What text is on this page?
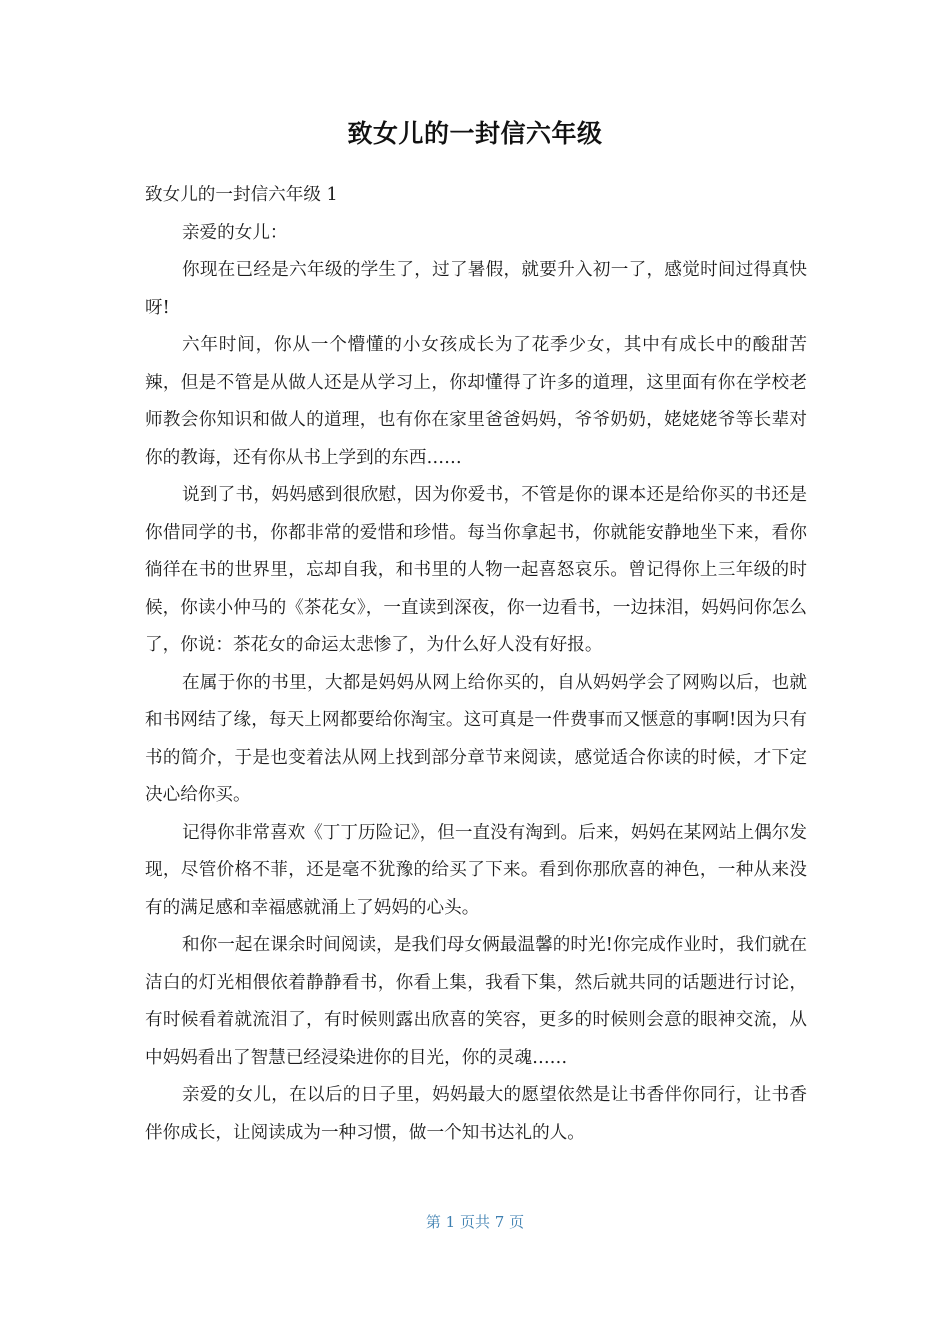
致女儿的一封信六年级

致女儿的一封信六年级 1

亲爱的女儿：

你现在已经是六年级的学生了，过了暑假，就要升入初一了，感觉时间过得真快呀!

六年时间，你从一个懵懂的小女孩成长为了花季少女，其中有成长中的酸甜苦辣，但是不管是从做人还是从学习上，你却懂得了许多的道理，这里面有你在学校老师教会你知识和做人的道理，也有你在家里爸爸妈妈，爷爷奶奶，姥姥姥爷等长辈对你的教诲，还有你从书上学到的东西……

说到了书，妈妈感到很欣慰，因为你爱书，不管是你的课本还是给你买的书还是你借同学的书，你都非常的爱惜和珍惜。每当你拿起书，你就能安静地坐下来，看你徜徉在书的世界里，忘却自我，和书里的人物一起喜怒哀乐。曾记得你上三年级的时候，你读小仲马的《茶花女》，一直读到深夜，你一边看书，一边抹泪，妈妈问你怎么了，你说：茶花女的命运太悲惨了，为什么好人没有好报。

在属于你的书里，大都是妈妈从网上给你买的，自从妈妈学会了网购以后，也就和书网结了缘，每天上网都要给你淘宝。这可真是一件费事而又惬意的事啊!因为只有书的简介，于是也变着法从网上找到部分章节来阅读，感觉适合你读的时候，才下定决心给你买。

记得你非常喜欢《丁丁历险记》，但一直没有淘到。后来，妈妈在某网站上偶尔发现，尽管价格不菲，还是毫不犹豫的给买了下来。看到你那欣喜的神色，一种从来没有的满足感和幸福感就涌上了妈妈的心头。

和你一起在课余时间阅读，是我们母女俩最温馨的时光!你完成作业时，我们就在洁白的灯光相偎依着静静看书，你看上集，我看下集，然后就共同的话题进行讨论，有时候看着就流泪了，有时候则露出欣喜的笑容，更多的时候则会意的眼神交流，从中妈妈看出了智慧已经浸染进你的目光，你的灵魂……

亲爱的女儿，在以后的日子里，妈妈最大的愿望依然是让书香伴你同行，让书香伴你成长，让阅读成为一种习惯，做一个知书达礼的人。

第 1 页共 7 页
